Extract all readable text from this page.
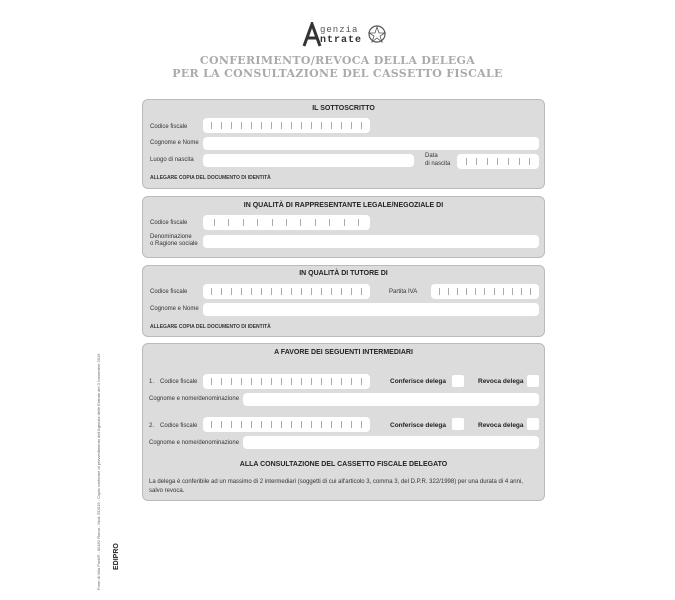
genzia
ntrate
CONFERIMENTO/REVOCA DELLA DELEGA
PER LA CONSULTAZIONE DEL CASSETTO FISCALE
EDIPRO
Form di Villa Ponti® - 00182 Roma - Mod. ED019 - Copia conforme al provvedimento dell'Agenzia delle Entrate del 3 Novembre 2016
IL SOTTOSCRITTO
Codice fiscale
Cognome e Nome
Luogo di nascita
Data
di nascita
ALLEGARE COPIA DEL DOCUMENTO DI IDENTITÀ
IN QUALITÀ DI RAPPRESENTANTE LEGALE/NEGOZIALE DI
Codice fiscale
Denominazione
o Ragione sociale
IN QUALITÀ DI TUTORE DI
Codice fiscale	Partita IVA
Cognome e Nome
ALLEGARE COPIA DEL DOCUMENTO DI IDENTITÀ
A FAVORE DEI SEGUENTI INTERMEDIARI
1. Codice fiscale	Conferisce delega	Revoca delega
Cognome e nome/denominazione
2. Codice fiscale	Conferisce delega	Revoca delega
Cognome e nome/denominazione
ALLA CONSULTAZIONE DEL CASSETTO FISCALE DELEGATO
La delega è conferibile ad un massimo di 2 intermediari (soggetti di cui all'articolo 3, comma 3, del D.P.R. 322/1998) per una durata di 4 anni, salvo revoca.
